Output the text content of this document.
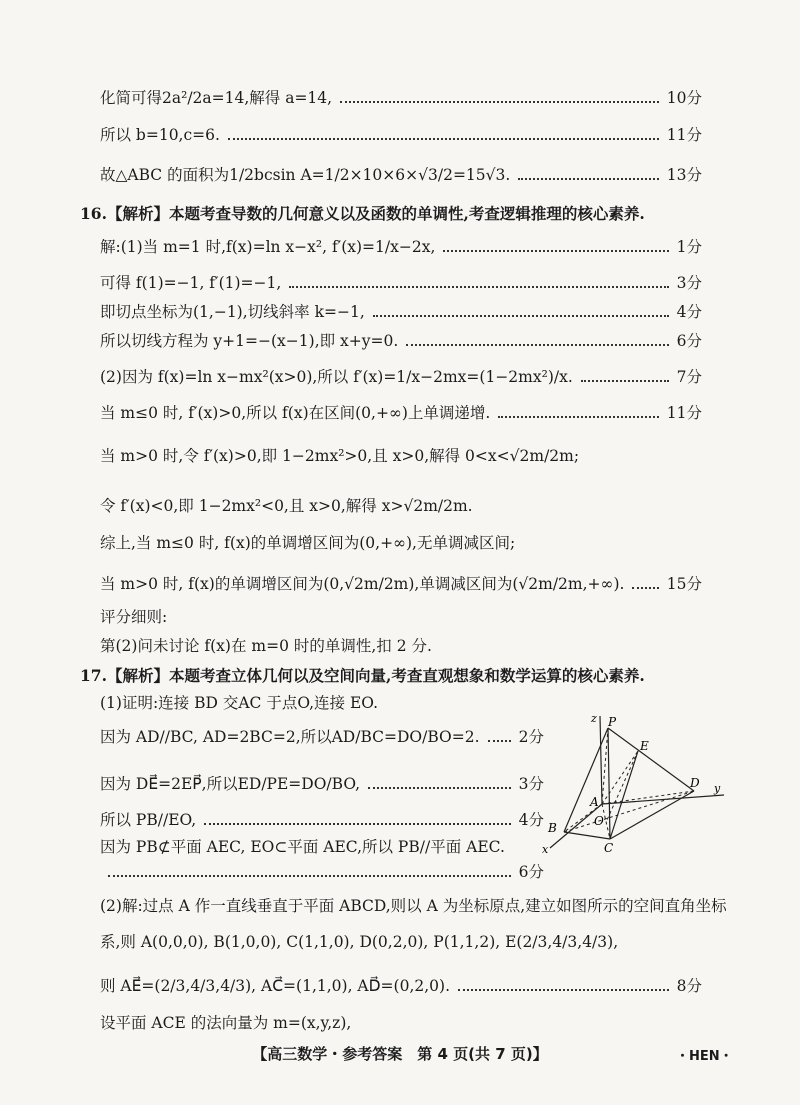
化简可得2a²/2a=14,解得 a=14,	10分
所以 b=10,c=6.	11分
故△ABC 的面积为1/2bcsin A=1/2×10×6×√3/2=15√3.	13分
16.【解析】本题考查导数的几何意义以及函数的单调性,考查逻辑推理的核心素养.
解:(1)当 m=1 时,f(x)=ln x−x², f′(x)=1/x−2x,	1分
可得 f(1)=−1, f′(1)=−1,	3分
即切点坐标为(1,−1),切线斜率 k=−1,	4分
所以切线方程为 y+1=−(x−1),即 x+y=0.	6分
(2)因为 f(x)=ln x−mx²(x>0),所以 f′(x)=1/x−2mx=(1−2mx²)/x.	7分
当 m≤0 时, f′(x)>0,所以 f(x)在区间(0,+∞)上单调递增.	11分
当 m>0 时,令 f′(x)>0,即 1−2mx²>0,且 x>0,解得 0<x<√2m/2m;
令 f′(x)<0,即 1−2mx²<0,且 x>0,解得 x>√2m/2m.
综上,当 m≤0 时, f(x)的单调增区间为(0,+∞),无单调减区间;
当 m>0 时, f(x)的单调增区间为(0,√2m/2m),单调减区间为(√2m/2m,+∞).	15分
评分细则:
第(2)问未讨论 f(x)在 m=0 时的单调性,扣 2 分.
17.【解析】本题考查立体几何以及空间向量,考查直观想象和数学运算的核心素养.
(1)证明:连接 BD 交AC 于点O,连接 EO.
因为 AD//BC, AD=2BC=2,所以AD/BC=DO/BO=2.	2分
因为 DE⃗=2EP⃗,所以ED/PE=DO/BO,	3分
所以 PB//EO,	4分
因为 PB⊄平面 AEC, EO⊂平面 AEC,所以 PB//平面 AEC.
6分
(2)解:过点 A 作一直线垂直于平面 ABCD,则以 A 为坐标原点,建立如图所示的空间直角坐标
系,则 A(0,0,0), B(1,0,0), C(1,1,0), D(0,2,0), P(1,1,2), E(2/3,4/3,4/3),
则 AE⃗=(2/3,4/3,4/3), AC⃗=(1,1,0), AD⃗=(0,2,0).	8分
设平面 ACE 的法向量为 m=(x,y,z),
z P
E
A
O
D y
B
C
x
【高三数学・参考答案　第 4 页(共 7 页)】	・HEN・
